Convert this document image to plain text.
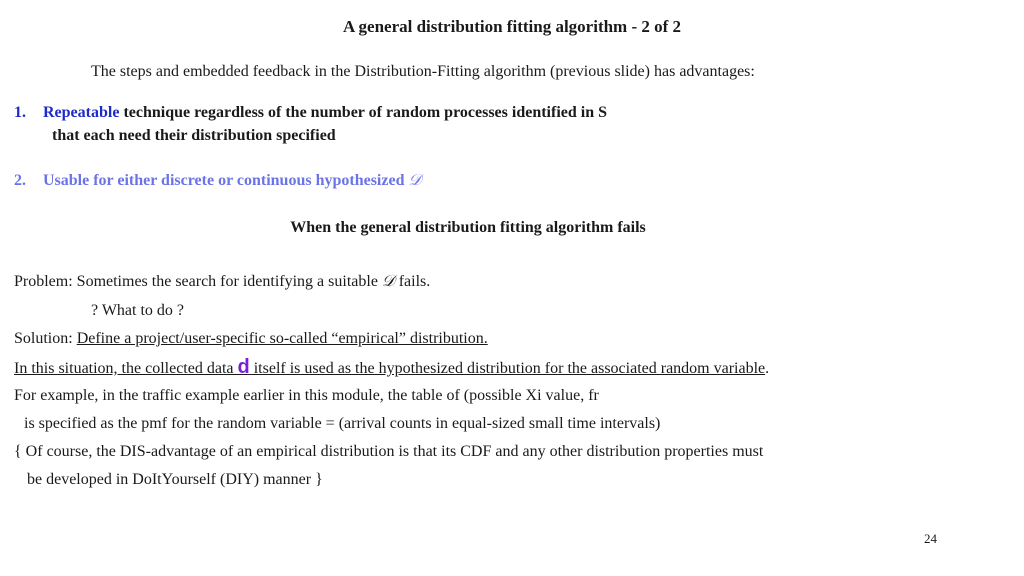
A general distribution fitting algorithm - 2 of 2
The steps and embedded feedback in the Distribution-Fitting algorithm (previous slide) has advantages:
1. Repeatable technique regardless of the number of random processes identified in S
that each need their distribution specified
2. Usable for either discrete or continuous hypothesized 𝒟
When the general distribution fitting algorithm fails
Problem: Sometimes the search for identifying a suitable 𝒟 fails.
? What to do ?
Solution: Define a project/user-specific so-called “empirical” distribution.
In this situation, the collected data d itself is used as the hypothesized distribution for the associated random variable.
For example, in the traffic example earlier in this module, the table of (possible Xi value, fr
is specified as the pmf for the random variable = (arrival counts in equal-sized small time intervals)
{ Of course, the DIS-advantage of an empirical distribution is that its CDF and any other distribution properties must
be developed in DoItYourself (DIY) manner }
24
